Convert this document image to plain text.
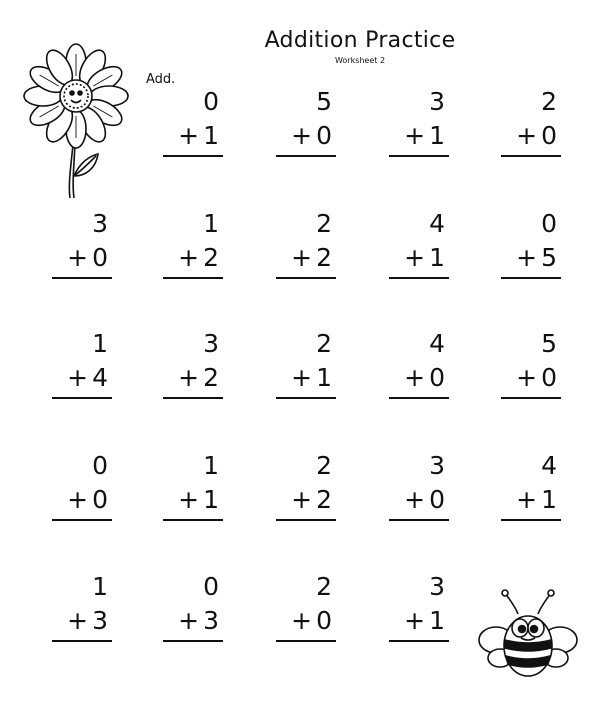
Addition Practice
Worksheet 2
Add.
0
+ 1
5
+ 0
3
+ 1
2
+ 0
3
+ 0
1
+ 2
2
+ 2
4
+ 1
0
+ 5
1
+ 4
3
+ 2
2
+ 1
4
+ 0
5
+ 0
0
+ 0
1
+ 1
2
+ 2
3
+ 0
4
+ 1
1
+ 3
0
+ 3
2
+ 0
3
+ 1
